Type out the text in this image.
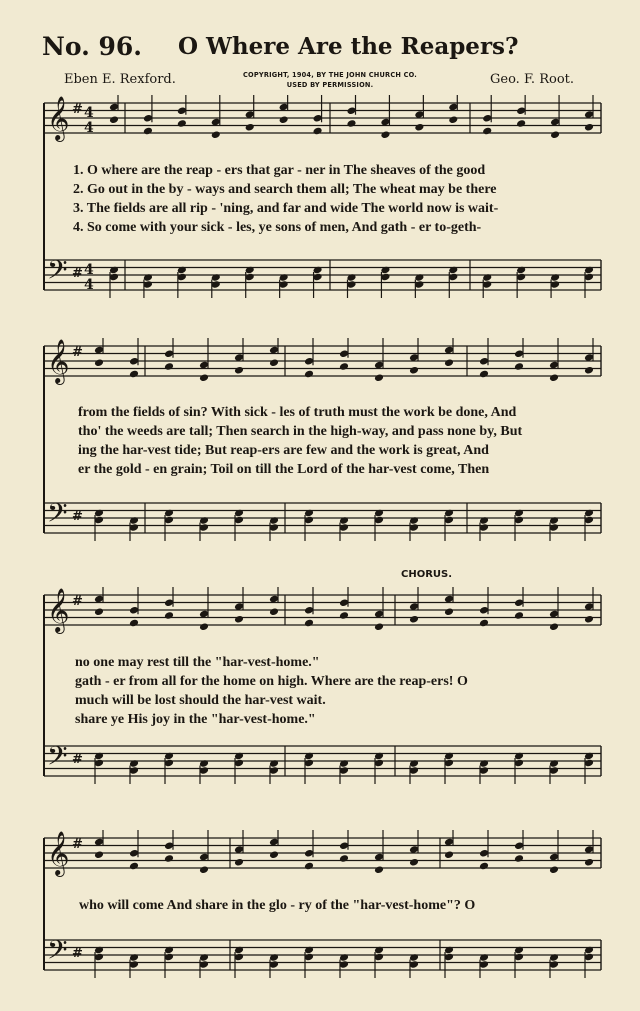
No. 96. O Where Are the Reapers?
Eben E. Rexford.	COPYRIGHT, 1904, BY THE JOHN CHURCH CO.
USED BY PERMISSION.	Geo. F. Root.
𝄞
𝄢
#
#
4
4
4
4
𝄞
𝄢
#
#
𝄞
𝄢
#
#
𝄞
𝄢
#
#
1. O where are the reap - ers that gar - ner in The sheaves of the good
2. Go out in the by - ways and search them all; The wheat may be there
3. The fields are all rip - 'ning, and far and wide The world now is wait-
4. So come with your sick - les, ye sons of men, And gath - er to-geth-
from the fields of sin? With sick - les of truth must the work be done, And
tho' the weeds are tall; Then search in the high-way, and pass none by, But
ing the har-vest tide; But reap-ers are few and the work is great, And
er the gold - en grain; Toil on till the Lord of the har-vest come, Then
CHORUS.
no one may rest till the "har-vest-home."
gath - er from all for the home on high. Where are the reap-ers! O
much will be lost should the har-vest wait.
share ye His joy in the "har-vest-home."
who will come And share in the glo - ry of the "har-vest-home"? O
